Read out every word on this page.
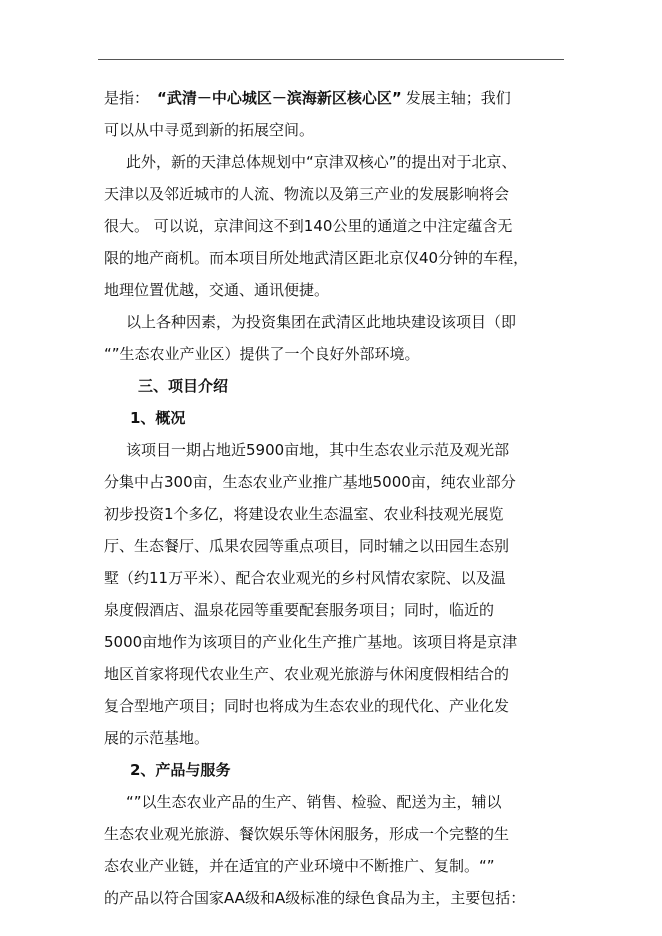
是指： “武清－中心城区－滨海新区核心区” 发展主轴；我们
可以从中寻觅到新的拓展空间。
此外，新的天津总体规划中“京津双核心”的提出对于北京、
天津以及邻近城市的人流、物流以及第三产业的发展影响将会
很大。 可以说，京津间这不到140公里的通道之中注定蕴含无
限的地产商机。而本项目所处地武清区距北京仅40分钟的车程，
地理位置优越，交通、通讯便捷。
以上各种因素，为投资集团在武清区此地块建设该项目（即
“”生态农业产业区）提供了一个良好外部环境。
三、项目介绍
1、概况
该项目一期占地近5900亩地，其中生态农业示范及观光部
分集中占300亩，生态农业产业推广基地5000亩，纯农业部分
初步投资1个多亿，将建设农业生态温室、农业科技观光展览
厅、生态餐厅、瓜果农园等重点项目，同时辅之以田园生态别
墅（约11万平米）、配合农业观光的乡村风情农家院、以及温
泉度假酒店、温泉花园等重要配套服务项目；同时，临近的
5000亩地作为该项目的产业化生产推广基地。该项目将是京津
地区首家将现代农业生产、农业观光旅游与休闲度假相结合的
复合型地产项目；同时也将成为生态农业的现代化、产业化发
展的示范基地。
2、产品与服务
“”以生态农业产品的生产、销售、检验、配送为主，辅以
生态农业观光旅游、餐饮娱乐等休闲服务，形成一个完整的生
态农业产业链，并在适宜的产业环境中不断推广、复制。“”
的产品以符合国家AA级和A级标准的绿色食品为主，主要包括：
